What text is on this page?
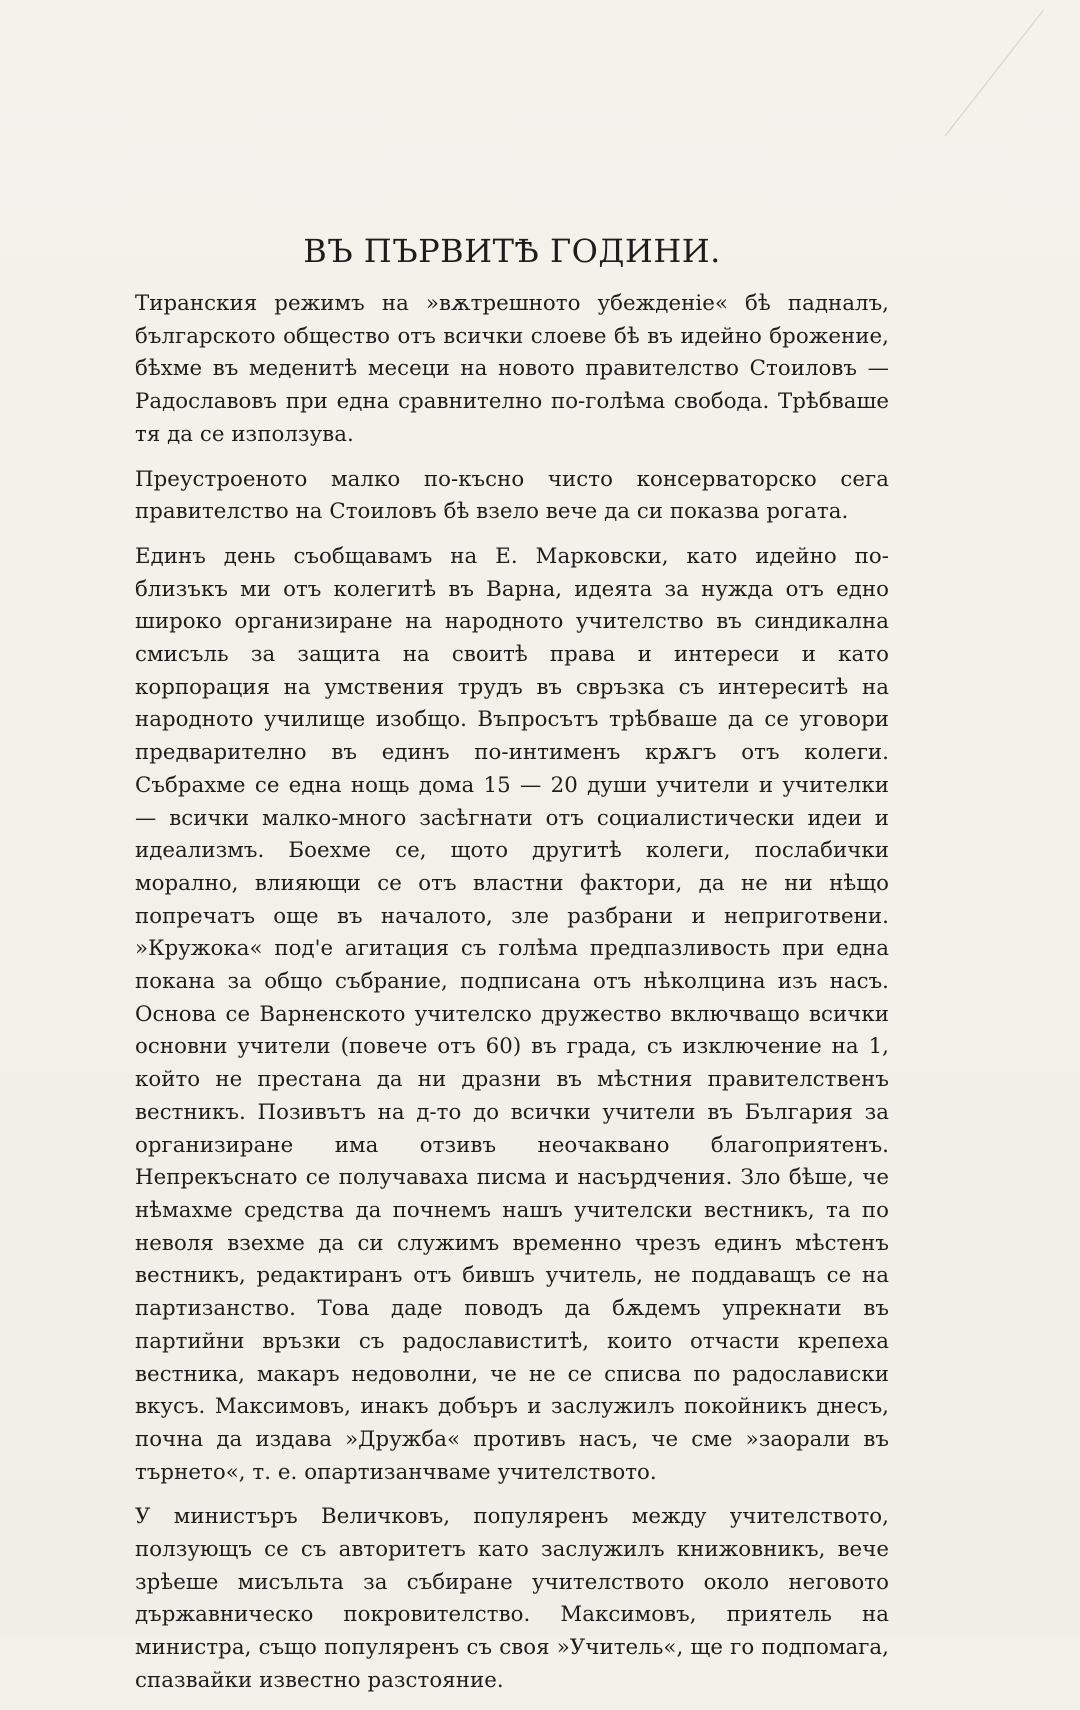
ВЪ ПЪРВИТѢ ГОДИНИ.

Тиранския режимъ на »вѫтрешното убежденiе« бѣ падналъ, българското общество отъ всички слоеве бѣ въ идейно брожение, бѣхме въ меденитѣ месеци на новото правителство Стоиловъ — Радославовъ при една сравнително по-голѣма свобода. Трѣбваше тя да се използува.

Преустроеното малко по-късно чисто консерваторско сега правителство на Стоиловъ бѣ взело вече да си показва рогата.

Единъ день съобщавамъ на Е. Марковски, като идейно по-близъкъ ми отъ колегитѣ въ Варна, идеята за нужда отъ едно широко организиране на народното учителство въ синдикална смисъль за защита на своитѣ права и интереси и като корпорация на умствения трудъ въ свръзка съ интереситѣ на народното училище изобщо. Въпросътъ трѣбваше да се уговори предварително въ единъ по-интименъ крѫгъ отъ колеги. Събрахме се една нощь дома 15 — 20 души учители и учителки — всички малко-много засѣгнати отъ социалистически идеи и идеализмъ. Боехме се, щото другитѣ колеги, послабички морално, влияющи се отъ властни фактори, да не ни нѣщо попречатъ още въ началото, зле разбрани и неприготвени. »Кружока« под'е агитация съ голѣма предпазливость при една покана за общо събрание, подписана отъ нѣколцина изъ насъ. Основа се Варненското учителско дружество включващо всички основни учители (повече отъ 60) въ града, съ изключение на 1, който не престана да ни дразни въ мѣстния правителственъ вестникъ. Позивътъ на д-то до всички учители въ България за организиране има отзивъ неочаквано благоприятенъ. Непрекъснато се получаваха писма и насърдчения. Зло бѣше, че нѣмахме средства да почнемъ нашъ учителски вестникъ, та по неволя взехме да си служимъ временно чрезъ единъ мѣстенъ вестникъ, редактиранъ отъ бившъ учитель, не поддаващъ се на партизанство. Това даде поводъ да бѫдемъ упрекнати въ партийни връзки съ радославиститѣ, които отчасти крепеха вестника, макаръ недоволни, че не се списва по радослависки вкусъ. Максимовъ, инакъ добъръ и заслужилъ покойникъ днесъ, почна да издава »Дружба« противъ насъ, че сме »заорали въ търнето«, т. е. опартизанчваме учителството.

У министъръ Величковъ, популяренъ между учителството, ползующъ се съ авторитетъ като заслужилъ книжовникъ, вече зрѣеше мисъльта за събиране учителството около неговото държавническо покровителство. Максимовъ, приятель на министра, също популяренъ съ своя »Учитель«, ще го подпомага, спазвайки известно разстояние.
